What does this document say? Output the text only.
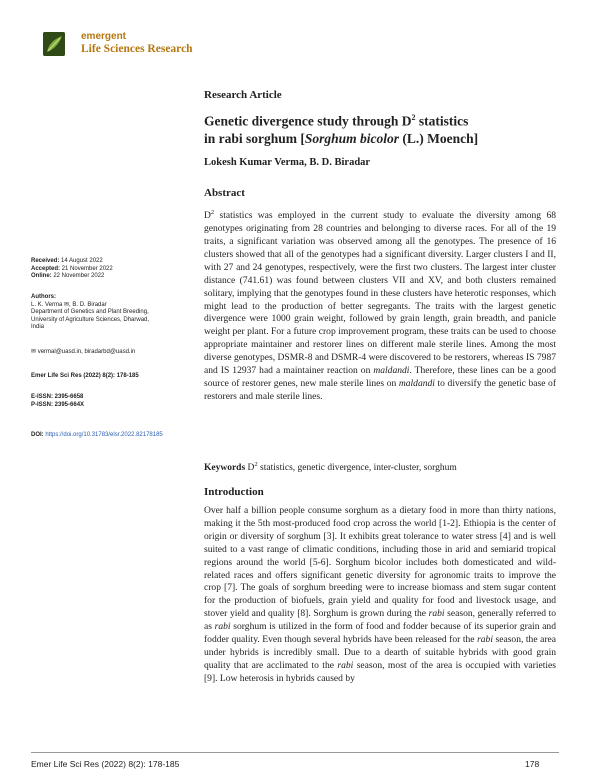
emergent
Life Sciences Research
Research Article
Genetic divergence study through $D^2$ statistics
in rabi sorghum [Sorghum bicolor (L.) Moench]
Lokesh Kumar Verma, B. D. Biradar
Received: 14 August 2022
Accepted: 21 November 2022
Online: 22 November 2022
Authors:
L. K. Verma ✉, B. D. Biradar
Department of Genetics and Plant Breeding,
University of Agriculture Sciences, Dharwad,
India
✉ vermal@uasd.in, biradarbd@uasd.in
Emer Life Sci Res (2022) 8(2): 178-185
E-ISSN: 2395-6658
P-ISSN: 2395-664X
DOI: https://doi.org/10.31783/elsr.2022.82178185
Abstract
$D^2$ statistics was employed in the current study to evaluate the diversity among 68 genotypes originating from 28 countries and belonging to diverse races. For all of the 19 traits, a significant variation was observed among all the genotypes. The presence of 16 clusters showed that all of the genotypes had a significant diversity. Larger clusters I and II, with 27 and 24 genotypes, respectively, were the first two clusters. The largest inter cluster distance (741.61) was found between clusters VII and XV, and both clusters remained solitary, implying that the genotypes found in these clusters have heterotic responses, which might lead to the production of better segregants. The traits with the largest genetic divergence were 1000 grain weight, followed by grain length, grain breadth, and panicle weight per plant. For a future crop improvement program, these traits can be used to choose appropriate maintainer and restorer lines on different male sterile lines. Among the most diverse genotypes, DSMR-8 and DSMR-4 were discovered to be restorers, whereas IS 7987 and IS 12937 had a maintainer reaction on maldandi. Therefore, these lines can be a good source of restorer genes, new male sterile lines on maldandi to diversify the genetic base of restorers and male sterile lines.
Keywords $D^2$ statistics, genetic divergence, inter-cluster, sorghum
Introduction
Over half a billion people consume sorghum as a dietary food in more than thirty nations, making it the 5th most-produced food crop across the world [1-2]. Ethiopia is the center of origin or diversity of sorghum [3]. It exhibits great tolerance to water stress [4] and is well suited to a vast range of climatic conditions, including those in arid and semiarid tropical regions around the world [5-6]. Sorghum bicolor includes both domesticated and wild-related races and offers significant genetic diversity for agronomic traits to improve the crop [7]. The goals of sorghum breeding were to increase biomass and stem sugar content for the production of biofuels, grain yield and quality for food and livestock usage, and stover yield and quality [8]. Sorghum is grown during the rabi season, generally referred to as rabi sorghum is utilized in the form of food and fodder because of its superior grain and fodder quality. Even though several hybrids have been released for the rabi season, the area under hybrids is incredibly small. Due to a dearth of suitable hybrids with good grain quality that are acclimated to the rabi season, most of the area is occupied with varieties [9]. Low heterosis in hybrids caused by
Emer Life Sci Res (2022) 8(2): 178-185	178
